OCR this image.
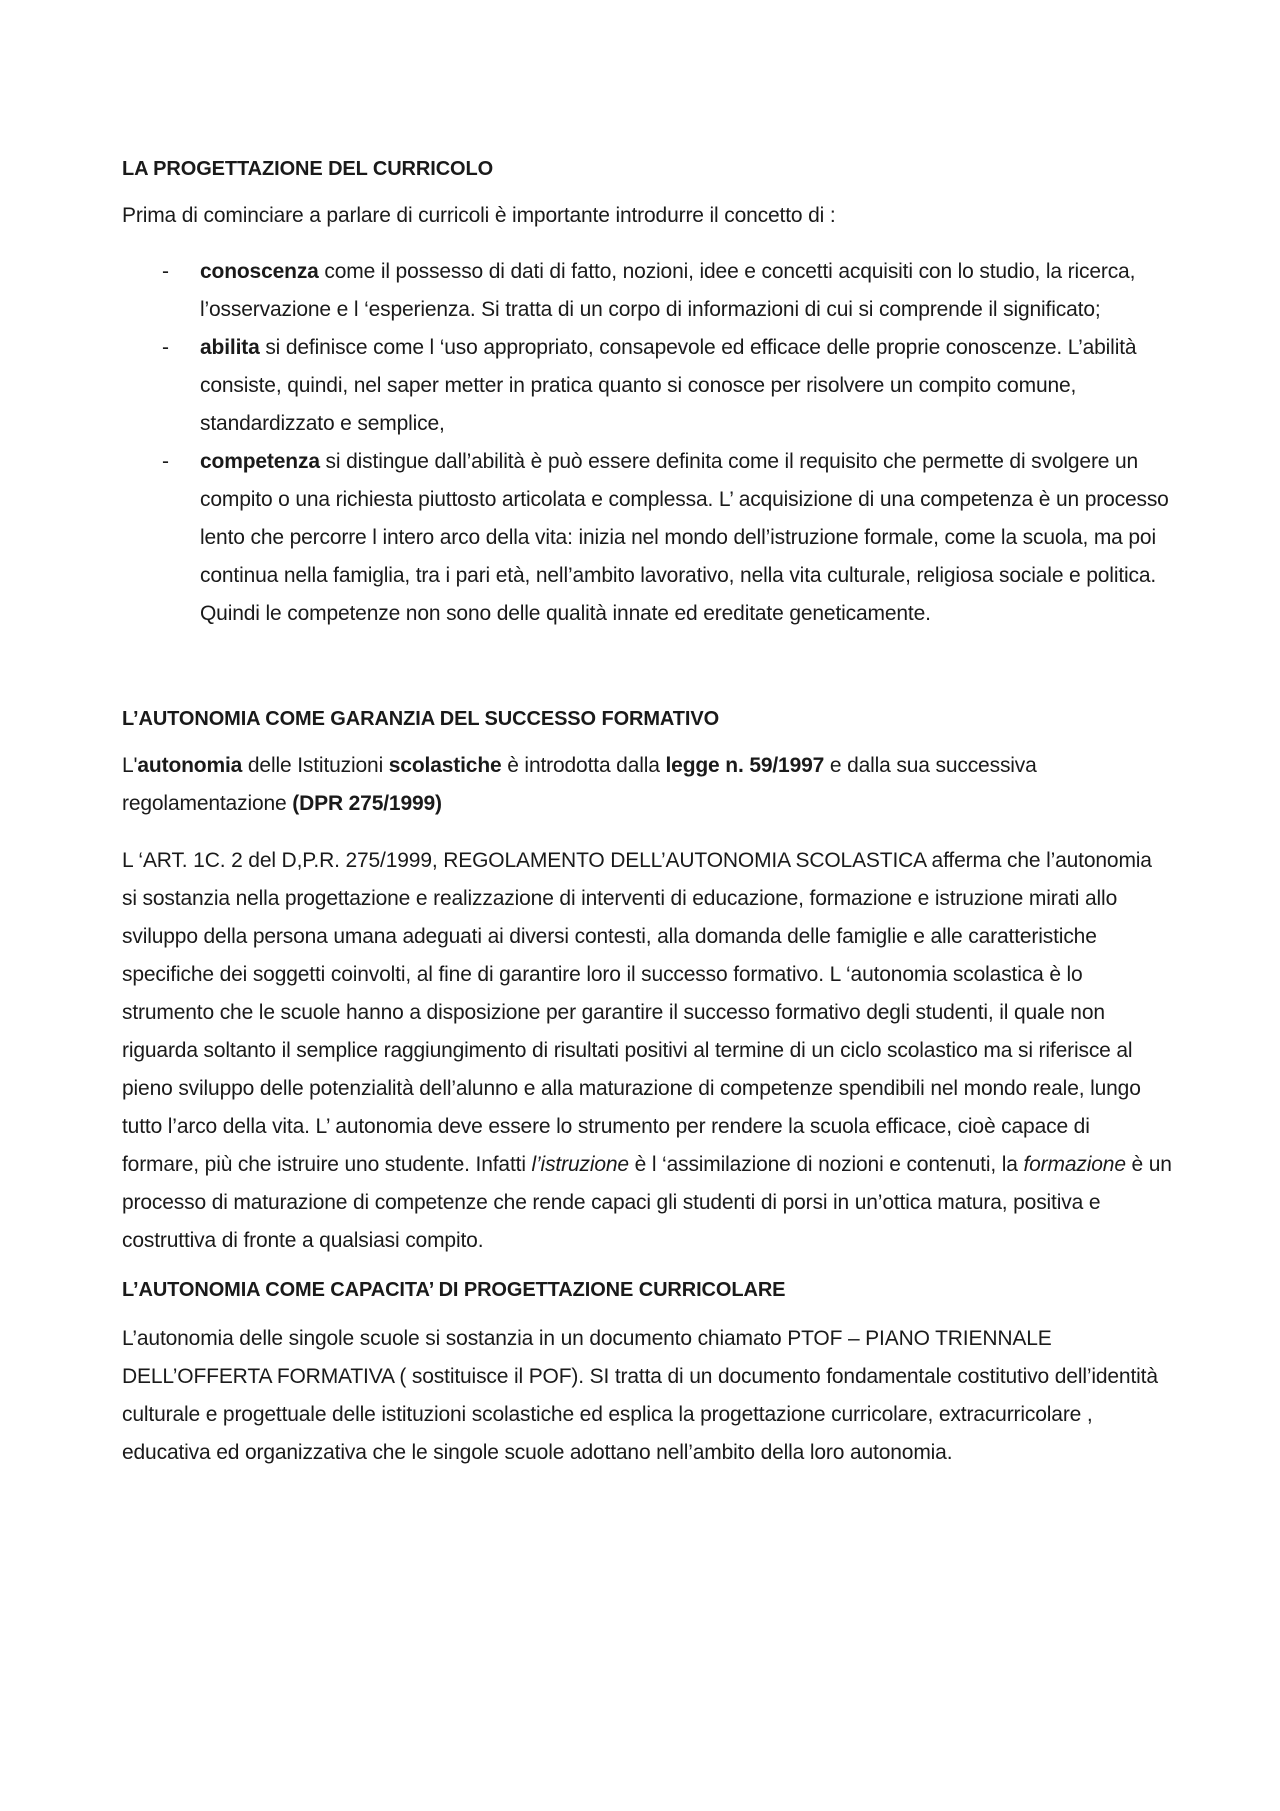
LA PROGETTAZIONE DEL CURRICOLO

Prima di cominciare a parlare di curricoli è importante introdurre il concetto di :

- conoscenza come il possesso di dati di fatto, nozioni, idee e concetti acquisiti con lo studio, la ricerca, l’osservazione e l ‘esperienza. Si tratta di un corpo di informazioni di cui si comprende il significato;
- abilita si definisce come l ‘uso appropriato, consapevole ed efficace delle proprie conoscenze. L’abilità consiste, quindi, nel saper metter in pratica quanto si conosce per risolvere un compito comune, standardizzato e semplice,
- competenza si distingue dall’abilità è può essere definita come il requisito che permette di svolgere un compito o una richiesta piuttosto articolata e complessa. L’ acquisizione di una competenza è un processo lento che percorre l intero arco della vita: inizia nel mondo dell’istruzione formale, come la scuola, ma poi continua nella famiglia, tra i pari età, nell’ambito lavorativo, nella vita culturale, religiosa sociale e politica. Quindi le competenze non sono delle qualità innate ed ereditate geneticamente.
L’AUTONOMIA COME GARANZIA DEL SUCCESSO FORMATIVO

L'autonomia delle Istituzioni scolastiche è introdotta dalla legge n. 59/1997 e dalla sua successiva regolamentazione (DPR 275/1999)

L ‘ART. 1C. 2 del D,P.R. 275/1999, REGOLAMENTO DELL’AUTONOMIA SCOLASTICA afferma che l’autonomia si sostanzia nella progettazione e realizzazione di interventi di educazione, formazione e istruzione mirati allo sviluppo della persona umana adeguati ai diversi contesti, alla domanda delle famiglie e alle caratteristiche specifiche dei soggetti coinvolti, al fine di garantire loro il successo formativo. L ‘autonomia scolastica è lo strumento che le scuole hanno a disposizione per garantire il successo formativo degli studenti, il quale non riguarda soltanto il semplice raggiungimento di risultati positivi al termine di un ciclo scolastico ma si riferisce al pieno sviluppo delle potenzialità dell’alunno e alla maturazione di competenze spendibili nel mondo reale, lungo tutto l’arco della vita. L’ autonomia deve essere lo strumento per rendere la scuola efficace, cioè capace di formare, più che istruire uno studente. Infatti l’istruzione è l ‘assimilazione di nozioni e contenuti, la formazione è un processo di maturazione di competenze che rende capaci gli studenti di porsi in un’ottica matura, positiva e costruttiva di fronte a qualsiasi compito.

L’AUTONOMIA COME CAPACITA’ DI PROGETTAZIONE CURRICOLARE

L’autonomia delle singole scuole si sostanzia in un documento chiamato PTOF – PIANO TRIENNALE DELL’OFFERTA FORMATIVA ( sostituisce il POF). SI tratta di un documento fondamentale costitutivo dell’identità culturale e progettuale delle istituzioni scolastiche ed esplica la progettazione curricolare, extracurricolare , educativa ed organizzativa che le singole scuole adottano nell’ambito della loro autonomia.
